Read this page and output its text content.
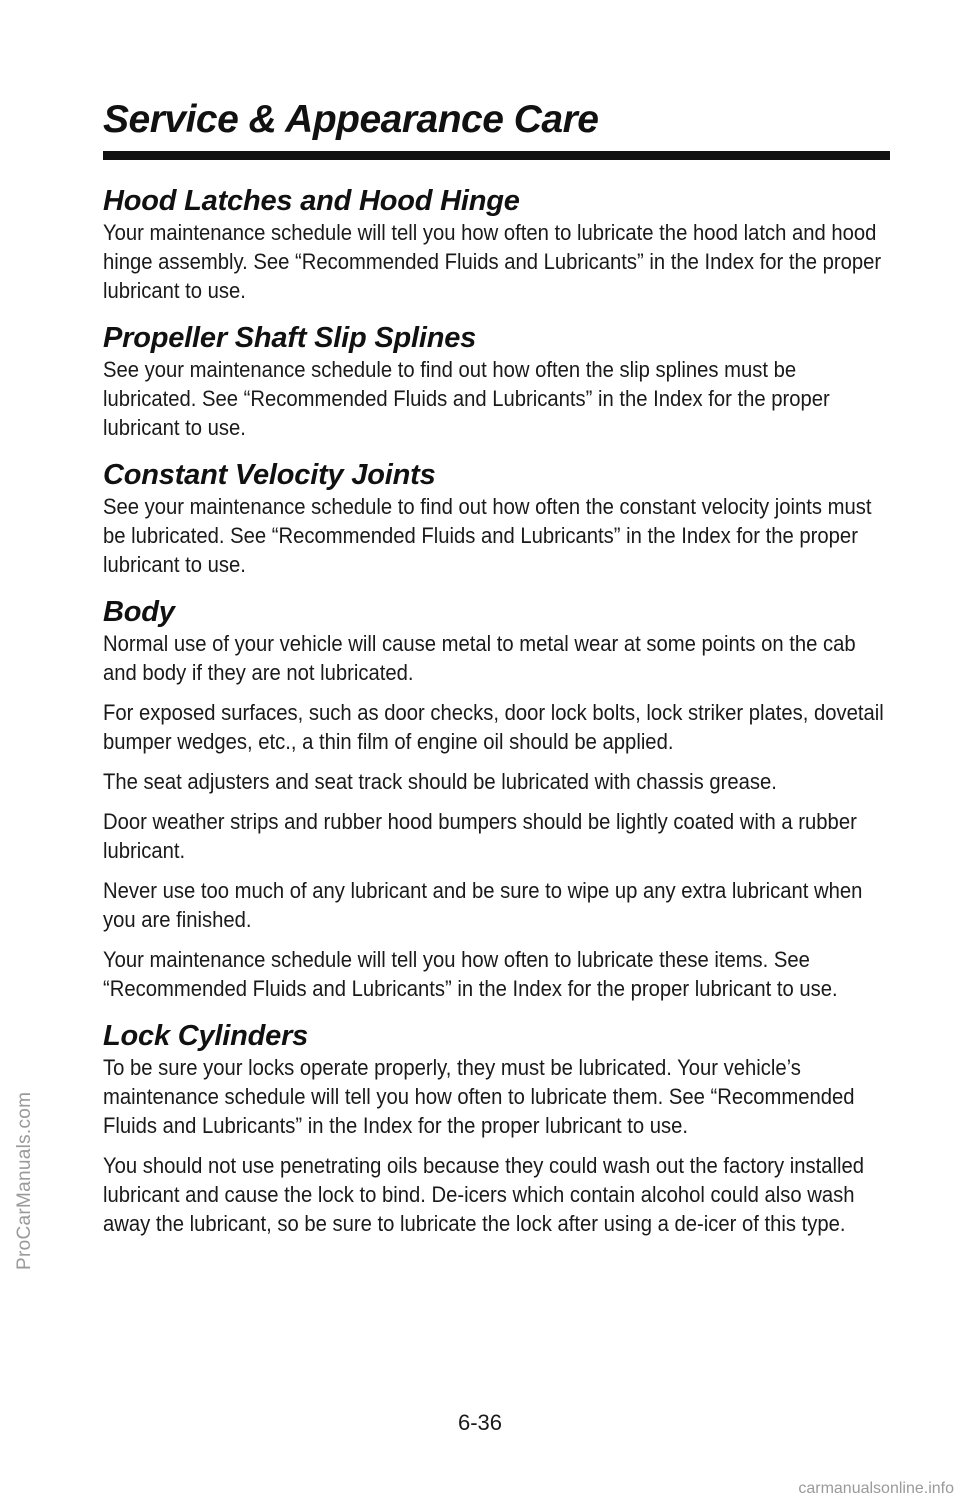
ProCarManuals.com
Service & Appearance Care
Hood Latches and Hood Hinge

Your maintenance schedule will tell you how often to lubricate the hood latch and hood hinge assembly. See “Recommended Fluids and Lubricants” in the Index for the proper lubricant to use.

Propeller Shaft Slip Splines

See your maintenance schedule to find out how often the slip splines must be lubricated. See “Recommended Fluids and Lubricants” in the Index for the proper lubricant to use.

Constant Velocity Joints

See your maintenance schedule to find out how often the constant velocity joints must be lubricated. See “Recommended Fluids and Lubricants” in the Index for the proper lubricant to use.

Body

Normal use of your vehicle will cause metal to metal wear at some points on the cab and body if they are not lubricated.

For exposed surfaces, such as door checks, door lock bolts, lock striker plates, dovetail bumper wedges, etc., a thin film of engine oil should be applied.

The seat adjusters and seat track should be lubricated with chassis grease.

Door weather strips and rubber hood bumpers should be lightly coated with a rubber lubricant.

Never use too much of any lubricant and be sure to wipe up any extra lubricant when you are finished.

Your maintenance schedule will tell you how often to lubricate these items. See “Recommended Fluids and Lubricants” in the Index for the proper lubricant to use.

Lock Cylinders

To be sure your locks operate properly, they must be lubricated. Your vehicle’s maintenance schedule will tell you how often to lubricate them. See “Recommended Fluids and Lubricants” in the Index for the proper lubricant to use.

You should not use penetrating oils because they could wash out the factory installed lubricant and cause the lock to bind. De-icers which contain alcohol could also wash away the lubricant, so be sure to lubricate the lock after using a de-icer of this type.

6-36
carmanualsonline.info
